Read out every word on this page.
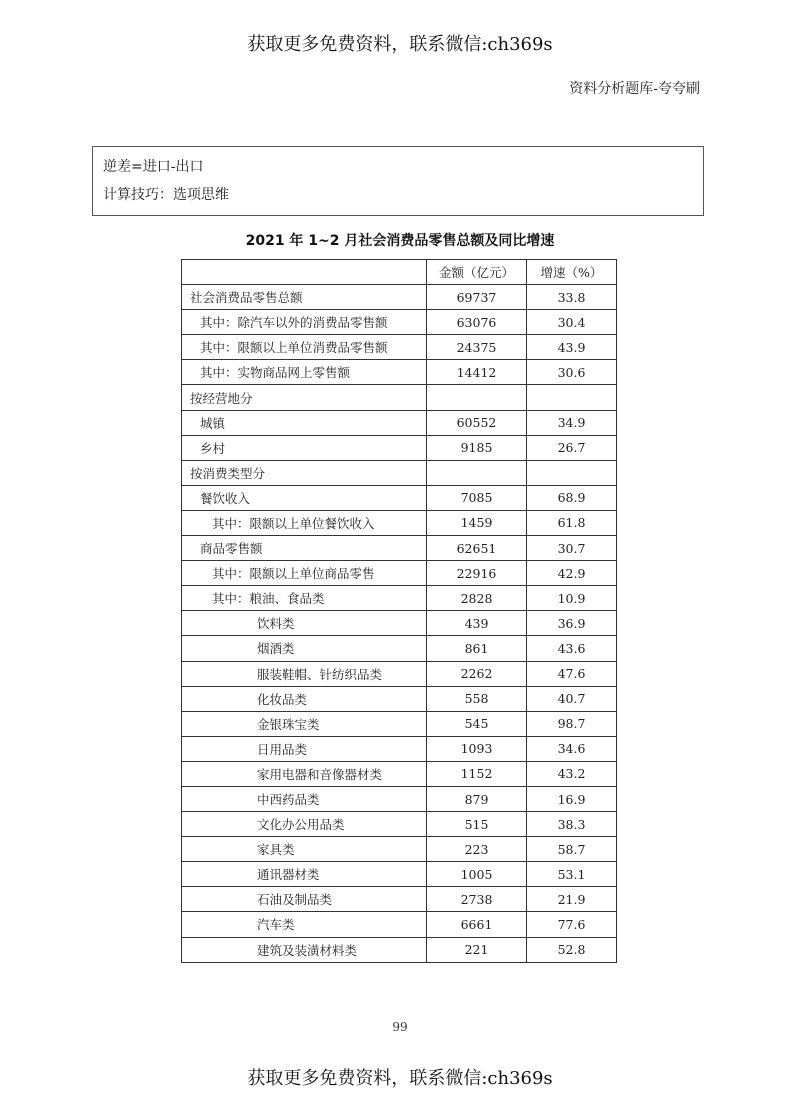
获取更多免费资料，联系微信:ch369s
资料分析题库-夸夸刷
逆差=进口-出口
计算技巧：选项思维
2021 年 1~2 月社会消费品零售总额及同比增速
	金额（亿元）	增速（%）
社会消费品零售总额	69737	33.8
其中：除汽车以外的消费品零售额	63076	30.4
其中：限额以上单位消费品零售额	24375	43.9
其中：实物商品网上零售额	14412	30.6
按经营地分		
城镇	60552	34.9
乡村	9185	26.7
按消费类型分		
餐饮收入	7085	68.9
其中：限额以上单位餐饮收入	1459	61.8
商品零售额	62651	30.7
其中：限额以上单位商品零售	22916	42.9
其中：粮油、食品类	2828	10.9
饮料类	439	36.9
烟酒类	861	43.6
服装鞋帽、针纺织品类	2262	47.6
化妆品类	558	40.7
金银珠宝类	545	98.7
日用品类	1093	34.6
家用电器和音像器材类	1152	43.2
中西药品类	879	16.9
文化办公用品类	515	38.3
家具类	223	58.7
通讯器材类	1005	53.1
石油及制品类	2738	21.9
汽车类	6661	77.6
建筑及装潢材料类	221	52.8
99
获取更多免费资料，联系微信:ch369s
